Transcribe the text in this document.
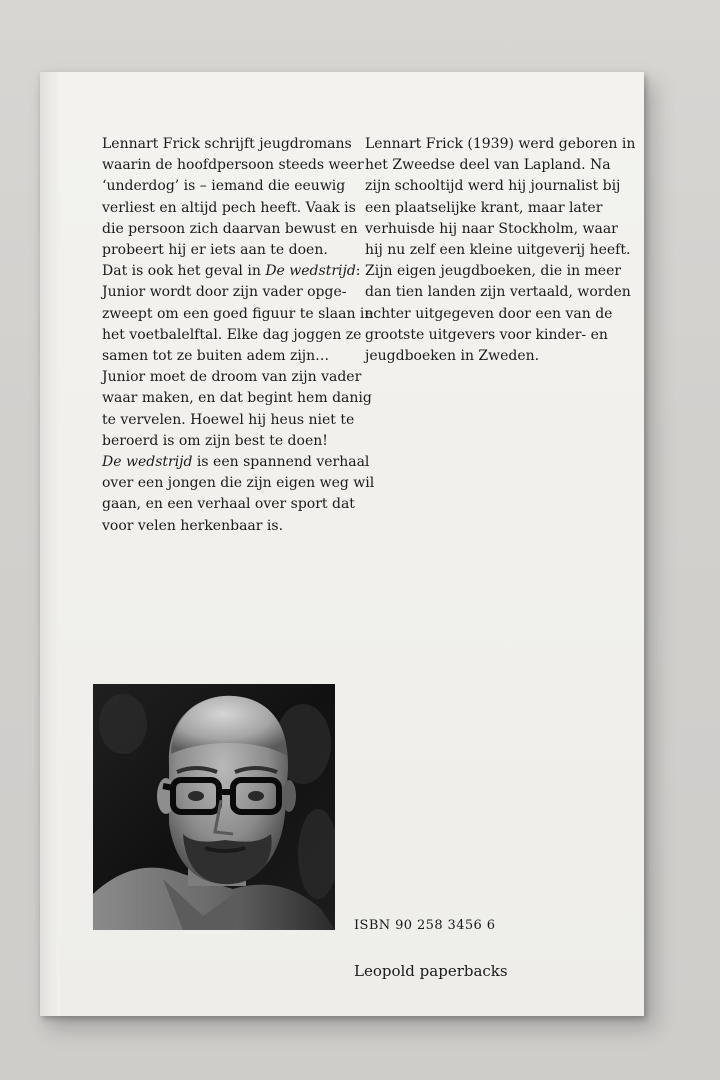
Lennart Frick schrijft jeugdromans
waarin de hoofdpersoon steeds weer
‘underdog’ is – iemand die eeuwig
verliest en altijd pech heeft. Vaak is
die persoon zich daarvan bewust en
probeert hij er iets aan te doen.
Dat is ook het geval in De wedstrijd:
Junior wordt door zijn vader opge-
zweept om een goed figuur te slaan in
het voetbalelftal. Elke dag joggen ze
samen tot ze buiten adem zijn…
Junior moet de droom van zijn vader
waar maken, en dat begint hem danig
te vervelen. Hoewel hij heus niet te
beroerd is om zijn best te doen!
De wedstrijd is een spannend verhaal
over een jongen die zijn eigen weg wil
gaan, en een verhaal over sport dat
voor velen herkenbaar is.
Lennart Frick (1939) werd geboren in
het Zweedse deel van Lapland. Na
zijn schooltijd werd hij journalist bij
een plaatselijke krant, maar later
verhuisde hij naar Stockholm, waar
hij nu zelf een kleine uitgeverij heeft.
Zijn eigen jeugdboeken, die in meer
dan tien landen zijn vertaald, worden
echter uitgegeven door een van de
grootste uitgevers voor kinder- en
jeugdboeken in Zweden.
ISBN 90 258 3456 6
Leopold paperbacks
